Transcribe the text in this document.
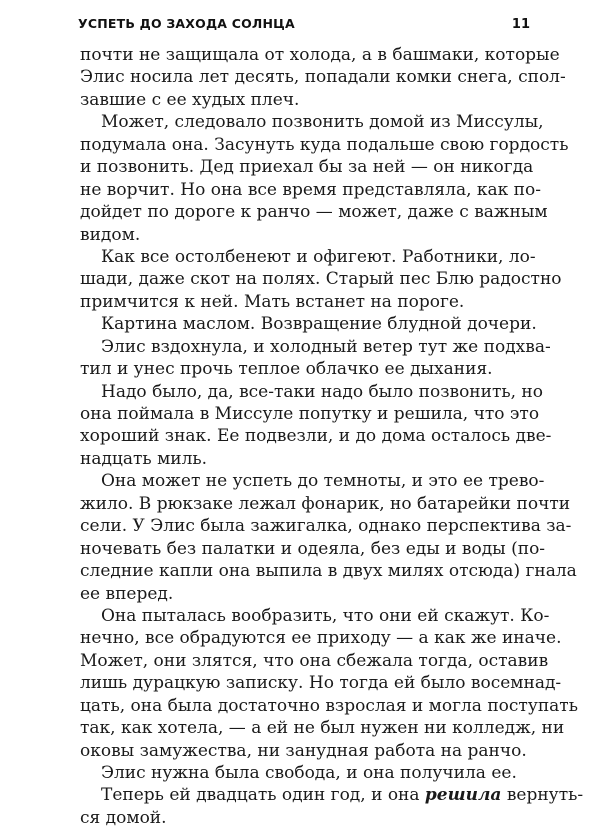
УСПЕТЬ ДО ЗАХОДА СОЛНЦА	11
почти не защищала от холода, а в башмаки, которые
Элис носила лет десять, попадали комки снега, спол-
завшие с ее худых плеч.
Может, следовало позвонить домой из Миссулы,
подумала она. Засунуть куда подальше свою гордость
и позвонить. Дед приехал бы за ней — он никогда
не ворчит. Но она все время представляла, как по-
дойдет по дороге к ранчо — может, даже с важным
видом.
Как все остолбенеют и офигеют. Работники, ло-
шади, даже скот на полях. Старый пес Блю радостно
примчится к ней. Мать встанет на пороге.
Картина маслом. Возвращение блудной дочери.
Элис вздохнула, и холодный ветер тут же подхва-
тил и унес прочь теплое облачко ее дыхания.
Надо было, да, все-таки надо было позвонить, но
она поймала в Миссуле попутку и решила, что это
хороший знак. Ее подвезли, и до дома осталось две-
надцать миль.
Она может не успеть до темноты, и это ее трево-
жило. В рюкзаке лежал фонарик, но батарейки почти
сели. У Элис была зажигалка, однако перспектива за-
ночевать без палатки и одеяла, без еды и воды (по-
следние капли она выпила в двух милях отсюда) гнала
ее вперед.
Она пыталась вообразить, что они ей скажут. Ко-
нечно, все обрадуются ее приходу — а как же иначе.
Может, они злятся, что она сбежала тогда, оставив
лишь дурацкую записку. Но тогда ей было восемнад-
цать, она была достаточно взрослая и могла поступать
так, как хотела, — а ей не был нужен ни колледж, ни
оковы замужества, ни занудная работа на ранчо.
Элис нужна была свобода, и она получила ее.
Теперь ей двадцать один год, и она решила вернуть-
ся домой.
